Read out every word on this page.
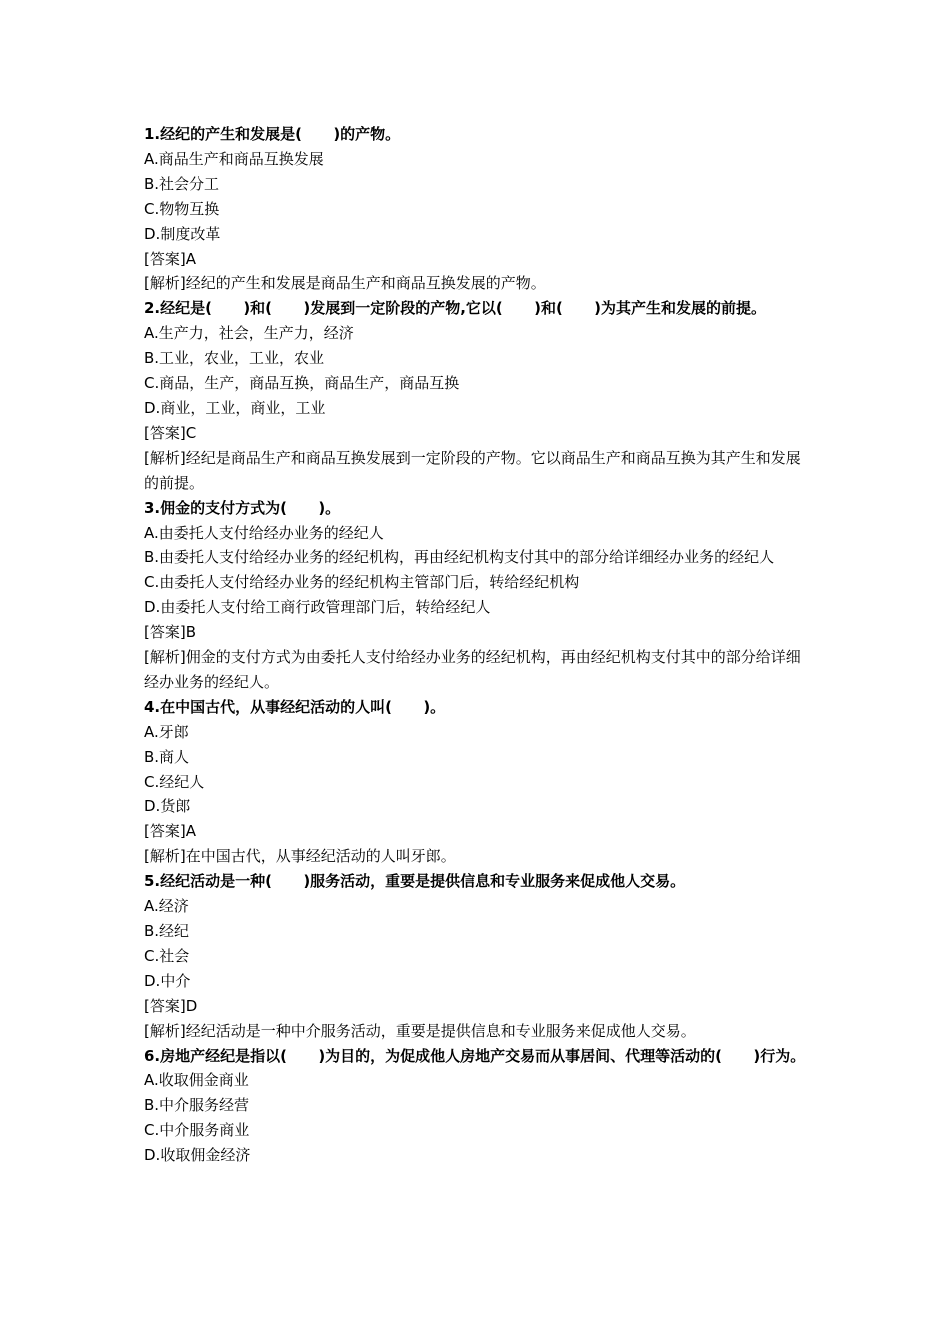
1.经纪的产生和发展是(      )的产物。
A.商品生产和商品互换发展
B.社会分工
C.物物互换
D.制度改革
[答案]A
[解析]经纪的产生和发展是商品生产和商品互换发展的产物。
2.经纪是(      )和(      )发展到一定阶段的产物,它以(      )和(      )为其产生和发展的前提。
A.生产力，社会，生产力，经济
B.工业，农业，工业，农业
C.商品，生产，商品互换，商品生产，商品互换
D.商业，工业，商业，工业
[答案]C
[解析]经纪是商品生产和商品互换发展到一定阶段的产物。它以商品生产和商品互换为其产生和发展的前提。
3.佣金的支付方式为(      )。
A.由委托人支付给经办业务的经纪人
B.由委托人支付给经办业务的经纪机构，再由经纪机构支付其中的部分给详细经办业务的经纪人
C.由委托人支付给经办业务的经纪机构主管部门后，转给经纪机构
D.由委托人支付给工商行政管理部门后，转给经纪人
[答案]B
[解析]佣金的支付方式为由委托人支付给经办业务的经纪机构，再由经纪机构支付其中的部分给详细经办业务的经纪人。
4.在中国古代，从事经纪活动的人叫(      )。
A.牙郎
B.商人
C.经纪人
D.货郎
[答案]A
[解析]在中国古代，从事经纪活动的人叫牙郎。
5.经纪活动是一种(      )服务活动，重要是提供信息和专业服务来促成他人交易。
A.经济
B.经纪
C.社会
D.中介
[答案]D
[解析]经纪活动是一种中介服务活动，重要是提供信息和专业服务来促成他人交易。
6.房地产经纪是指以(      )为目的，为促成他人房地产交易而从事居间、代理等活动的(      )行为。
A.收取佣金商业
B.中介服务经营
C.中介服务商业
D.收取佣金经济
